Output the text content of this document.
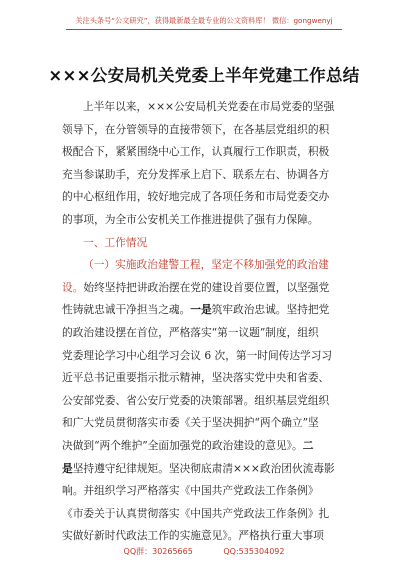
关注头条号“公文研究”，获得最新最全最专业的公文资料库！ 微信：gongwenyj
×××公安局机关党委上半年党建工作总结
上半年以来，×××公安局机关党委在市局党委的坚强
领导下，在分管领导的直接带领下，在各基层党组织的积
极配合下，紧紧围绕中心工作，认真履行工作职责，积极
充当参谋助手，充分发挥承上启下、联系左右、协调各方
的中心枢纽作用，较好地完成了各项任务和市局党委交办
的事项，为全市公安机关工作推进提供了强有力保障。
一、工作情况
（一）实施政治建警工程，坚定不移加强党的政治建
设。始终坚持把讲政治摆在党的建设首要位置，以坚强党
性铸就忠诚干净担当之魂。一是筑牢政治忠诚。坚持把党
的政治建设摆在首位，严格落实“第一议题”制度，组织
党委理论学习中心组学习会议 6 次，第一时间传达学习习
近平总书记重要指示批示精神，坚决落实党中央和省委、
公安部党委、省公安厅党委的决策部署。组织基层党组织
和广大党员贯彻落实市委《关于坚决拥护“两个确立”坚
决做到“两个维护”全面加强党的政治建设的意见》。二
是坚持遵守纪律规矩。坚决彻底肃清×××政治团伙流毒影
响。并组织学习严格落实《中国共产党政法工作条例》
《市委关于认真贯彻落实《中国共产党政法工作条例》扎
实做好新时代政法工作的实施意见》。严格执行重大事项
QQ群：30265665	QQ:535304092
